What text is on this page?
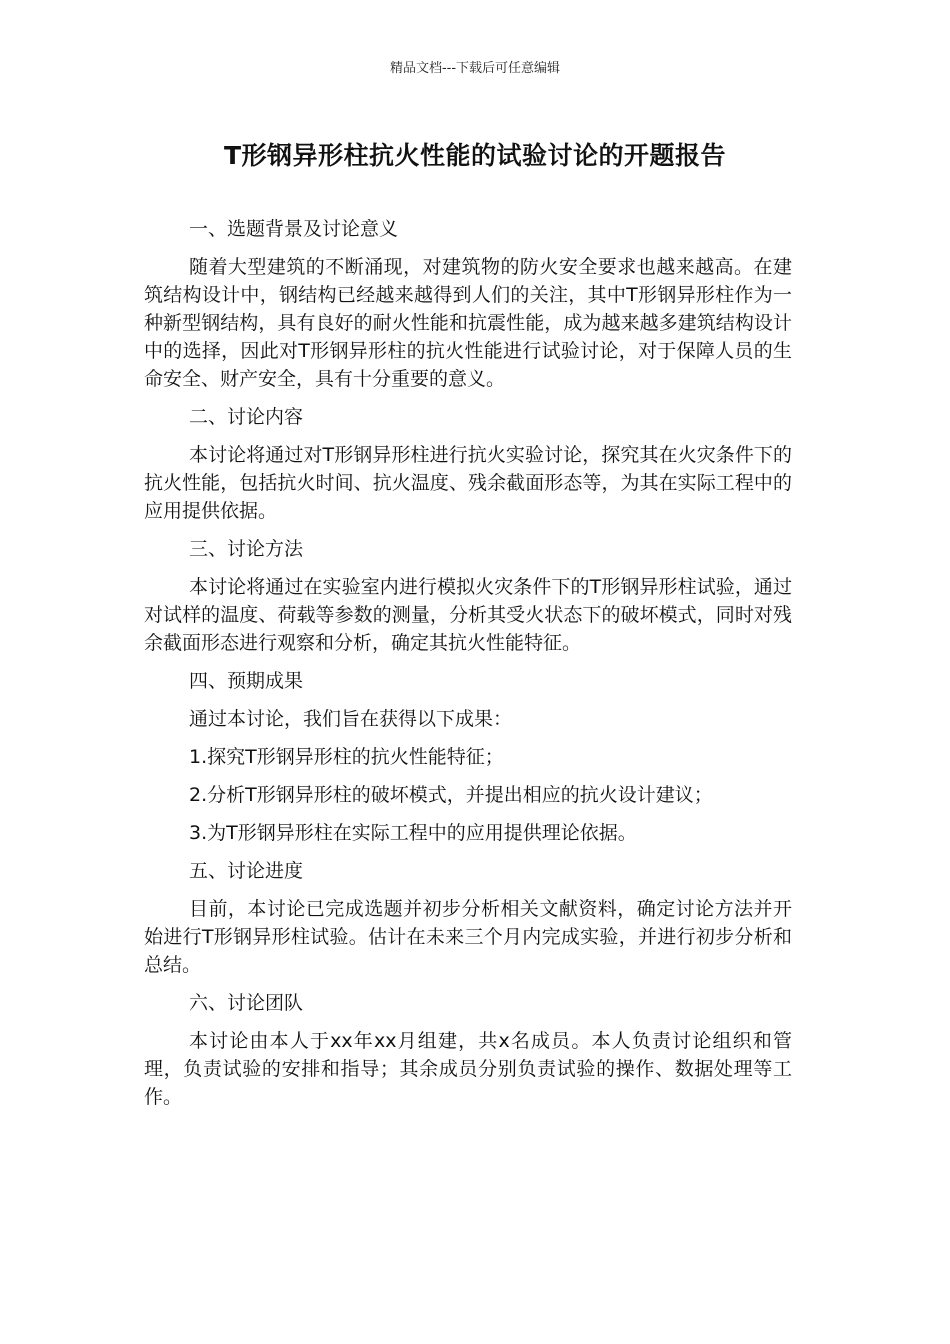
精品文档---下载后可任意编辑
T形钢异形柱抗火性能的试验讨论的开题报告

一、选题背景及讨论意义

随着大型建筑的不断涌现，对建筑物的防火安全要求也越来越高。在建筑结构设计中，钢结构已经越来越得到人们的关注，其中T形钢异形柱作为一种新型钢结构，具有良好的耐火性能和抗震性能，成为越来越多建筑结构设计中的选择，因此对T形钢异形柱的抗火性能进行试验讨论，对于保障人员的生命安全、财产安全，具有十分重要的意义。

二、讨论内容

本讨论将通过对T形钢异形柱进行抗火实验讨论，探究其在火灾条件下的抗火性能，包括抗火时间、抗火温度、残余截面形态等，为其在实际工程中的应用提供依据。

三、讨论方法

本讨论将通过在实验室内进行模拟火灾条件下的T形钢异形柱试验，通过对试样的温度、荷载等参数的测量，分析其受火状态下的破坏模式，同时对残余截面形态进行观察和分析，确定其抗火性能特征。

四、预期成果

通过本讨论，我们旨在获得以下成果：

1.探究T形钢异形柱的抗火性能特征；

2.分析T形钢异形柱的破坏模式，并提出相应的抗火设计建议；

3.为T形钢异形柱在实际工程中的应用提供理论依据。

五、讨论进度

目前，本讨论已完成选题并初步分析相关文献资料，确定讨论方法并开始进行T形钢异形柱试验。估计在未来三个月内完成实验，并进行初步分析和总结。

六、讨论团队

本讨论由本人于xx年xx月组建，共x名成员。本人负责讨论组织和管理，负责试验的安排和指导；其余成员分别负责试验的操作、数据处理等工作。
